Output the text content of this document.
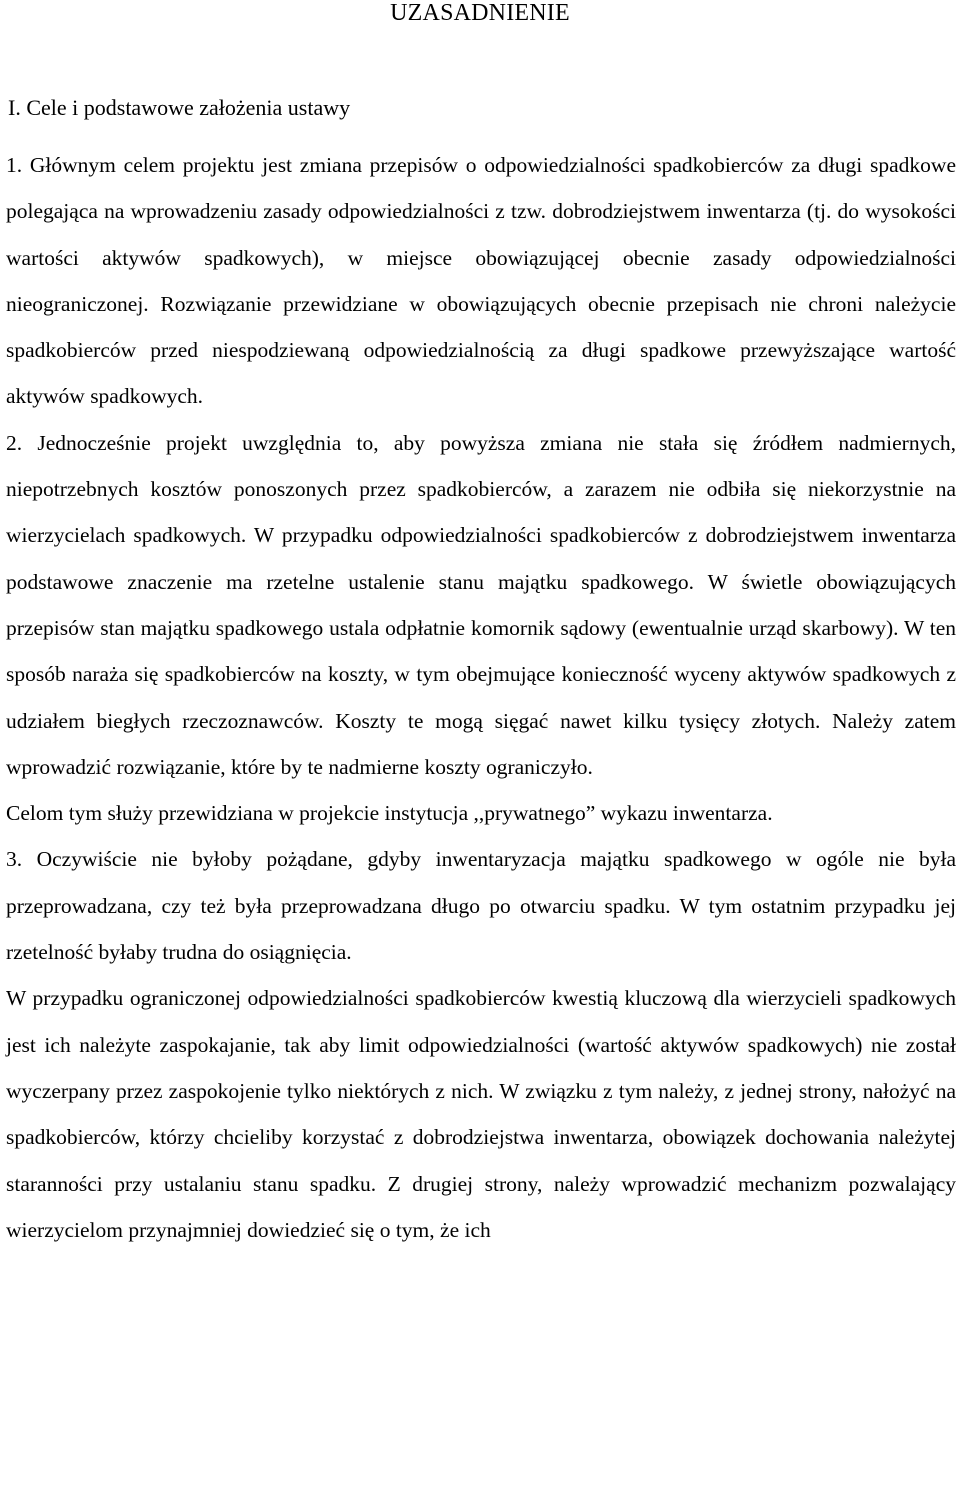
UZASADNIENIE
I. Cele i podstawowe założenia ustawy

1. Głównym celem projektu jest zmiana przepisów o odpowiedzialności spadkobierców za długi spadkowe polegająca na wprowadzeniu zasady odpowiedzialności z tzw. dobrodziejstwem inwentarza (tj. do wysokości wartości aktywów spadkowych), w miejsce obowiązującej obecnie zasady odpowiedzialności nieograniczonej. Rozwiązanie przewidziane w obowiązujących obecnie przepisach nie chroni należycie spadkobierców przed niespodziewaną odpowiedzialnością za długi spadkowe przewyższające wartość aktywów spadkowych.

2. Jednocześnie projekt uwzględnia to, aby powyższa zmiana nie stała się źródłem nadmiernych, niepotrzebnych kosztów ponoszonych przez spadkobierców, a zarazem nie odbiła się niekorzystnie na wierzycielach spadkowych. W przypadku odpowiedzialności spadkobierców z dobrodziejstwem inwentarza podstawowe znaczenie ma rzetelne ustalenie stanu majątku spadkowego. W świetle obowiązujących przepisów stan majątku spadkowego ustala odpłatnie komornik sądowy (ewentualnie urząd skarbowy). W ten sposób naraża się spadkobierców na koszty, w tym obejmujące konieczność wyceny aktywów spadkowych z udziałem biegłych rzeczoznawców. Koszty te mogą sięgać nawet kilku tysięcy złotych. Należy zatem wprowadzić rozwiązanie, które by te nadmierne koszty ograniczyło.

Celom tym służy przewidziana w projekcie instytucja ,,prywatnego” wykazu inwentarza.

3. Oczywiście nie byłoby pożądane, gdyby inwentaryzacja majątku spadkowego w ogóle nie była przeprowadzana, czy też była przeprowadzana długo po otwarciu spadku. W tym ostatnim przypadku jej rzetelność byłaby trudna do osiągnięcia.

W przypadku ograniczonej odpowiedzialności spadkobierców kwestią kluczową dla wierzycieli spadkowych jest ich należyte zaspokajanie, tak aby limit odpowiedzialności (wartość aktywów spadkowych) nie został wyczerpany przez zaspokojenie tylko niektórych z nich. W związku z tym należy, z jednej strony, nałożyć na spadkobierców, którzy chcieliby korzystać z dobrodziejstwa inwentarza, obowiązek dochowania należytej staranności przy ustalaniu stanu spadku. Z drugiej strony, należy wprowadzić mechanizm pozwalający wierzycielom przynajmniej dowiedzieć się o tym, że ich
